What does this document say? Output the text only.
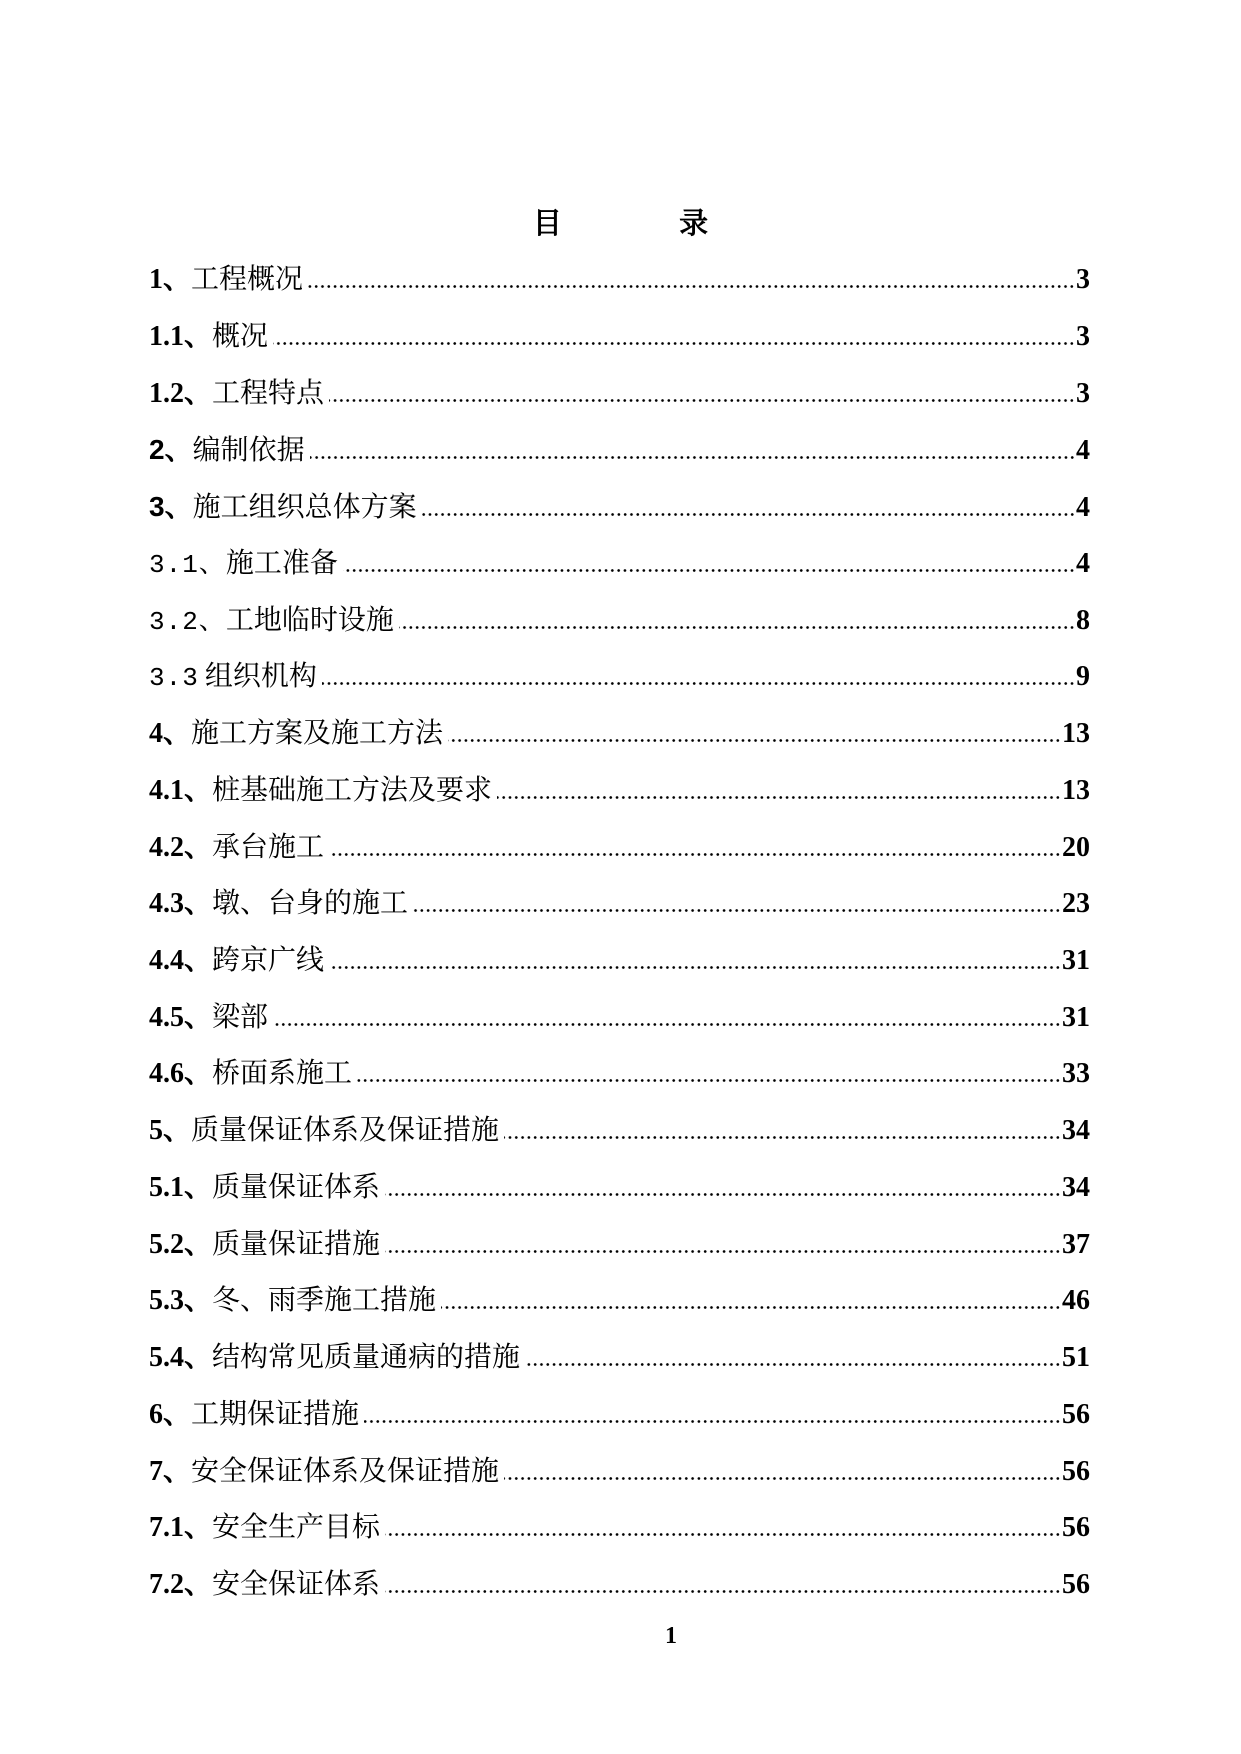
目 录
1、工程概况	3
1.1、概况	3
1.2、工程特点	3
2、编制依据	4
3、施工组织总体方案	4
3.1、施工准备	4
3.2、工地临时设施	8
3.3 组织机构	9
4、施工方案及施工方法	13
4.1、桩基础施工方法及要求	13
4.2、承台施工	20
4.3、墩、台身的施工	23
4.4、跨京广线	31
4.5、梁部	31
4.6、桥面系施工	33
5、质量保证体系及保证措施	34
5.1、质量保证体系	34
5.2、质量保证措施	37
5.3、冬、雨季施工措施	46
5.4、结构常见质量通病的措施	51
6、工期保证措施	56
7、安全保证体系及保证措施	56
7.1、安全生产目标	56
7.2、安全保证体系	56
1
